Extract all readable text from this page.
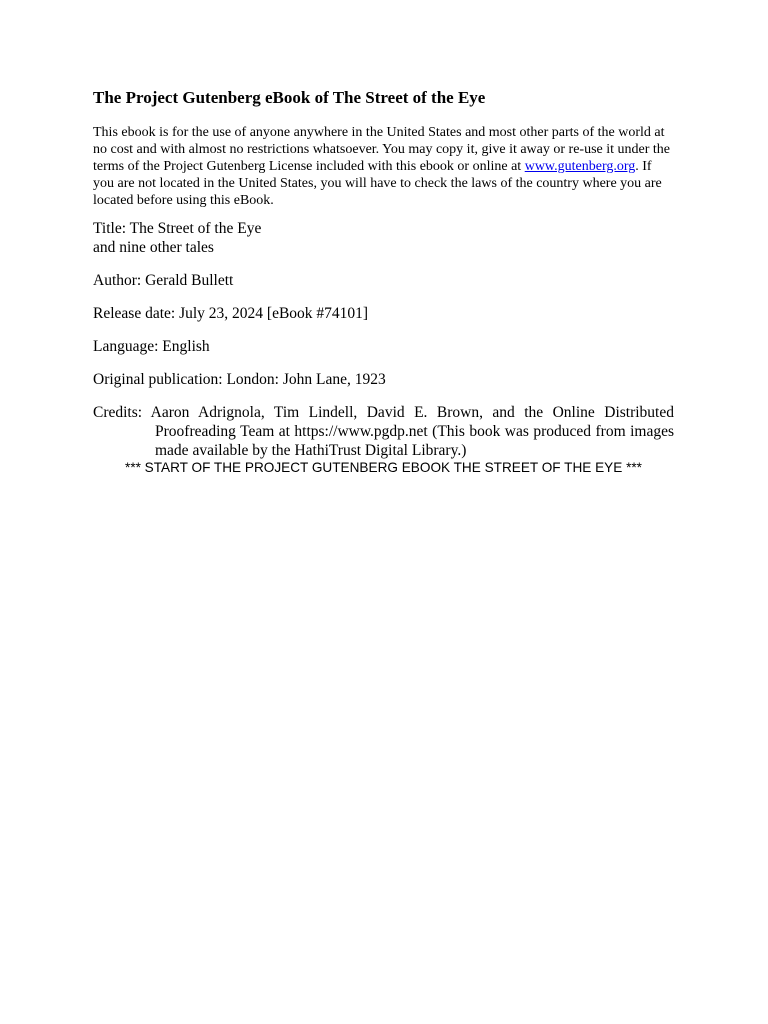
The Project Gutenberg eBook of The Street of the Eye

This ebook is for the use of anyone anywhere in the United States and most other parts of the world at no cost and with almost no restrictions whatsoever. You may copy it, give it away or re-use it under the terms of the Project Gutenberg License included with this ebook or online at www.gutenberg.org. If you are not located in the United States, you will have to check the laws of the country where you are located before using this eBook.

Title: The Street of the Eye
and nine other tales

Author: Gerald Bullett

Release date: July 23, 2024 [eBook #74101]

Language: English

Original publication: London: John Lane, 1923

Credits: Aaron Adrignola, Tim Lindell, David E. Brown, and the Online Distributed Proofreading Team at https://www.pgdp.net (This book was produced from images made available by the HathiTrust Digital Library.)

*** START OF THE PROJECT GUTENBERG EBOOK THE STREET OF THE EYE ***
